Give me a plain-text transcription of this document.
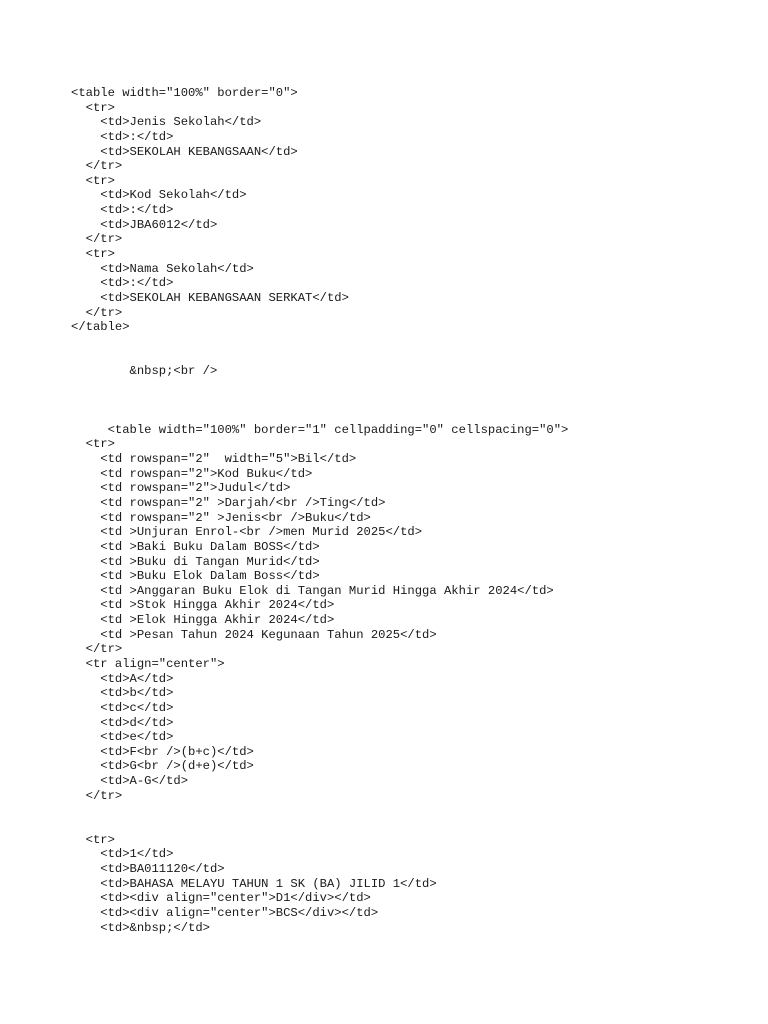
<table width="100%" border="0">
<tr>
<td>Jenis Sekolah</td>
<td>:</td>
<td>SEKOLAH KEBANGSAAN</td>
</tr>
<tr>
<td>Kod Sekolah</td>
<td>:</td>
<td>JBA6012</td>
</tr>
<tr>
<td>Nama Sekolah</td>
<td>:</td>
<td>SEKOLAH KEBANGSAAN SERKAT</td>
</tr>
</table>
&nbsp;<br />
<table width="100%" border="1" cellpadding="0" cellspacing="0">
<tr>
<td rowspan="2"  width="5">Bil</td>
<td rowspan="2">Kod Buku</td>
<td rowspan="2">Judul</td>
<td rowspan="2" >Darjah/<br />Ting</td>
<td rowspan="2" >Jenis<br />Buku</td>
<td >Unjuran Enrol-<br />men Murid 2025</td>
<td >Baki Buku Dalam BOSS</td>
<td >Buku di Tangan Murid</td>
<td >Buku Elok Dalam Boss</td>
<td >Anggaran Buku Elok di Tangan Murid Hingga Akhir 2024</td>
<td >Stok Hingga Akhir 2024</td>
<td >Elok Hingga Akhir 2024</td>
<td >Pesan Tahun 2024 Kegunaan Tahun 2025</td>
</tr>
<tr align="center">
<td>A</td>
<td>b</td>
<td>c</td>
<td>d</td>
<td>e</td>
<td>F<br />(b+c)</td>
<td>G<br />(d+e)</td>
<td>A-G</td>
</tr>
<tr>
<td>1</td>
<td>BA011120</td>
<td>BAHASA MELAYU TAHUN 1 SK (BA) JILID 1</td>
<td><div align="center">D1</div></td>
<td><div align="center">BCS</div></td>
<td>&nbsp;</td>
